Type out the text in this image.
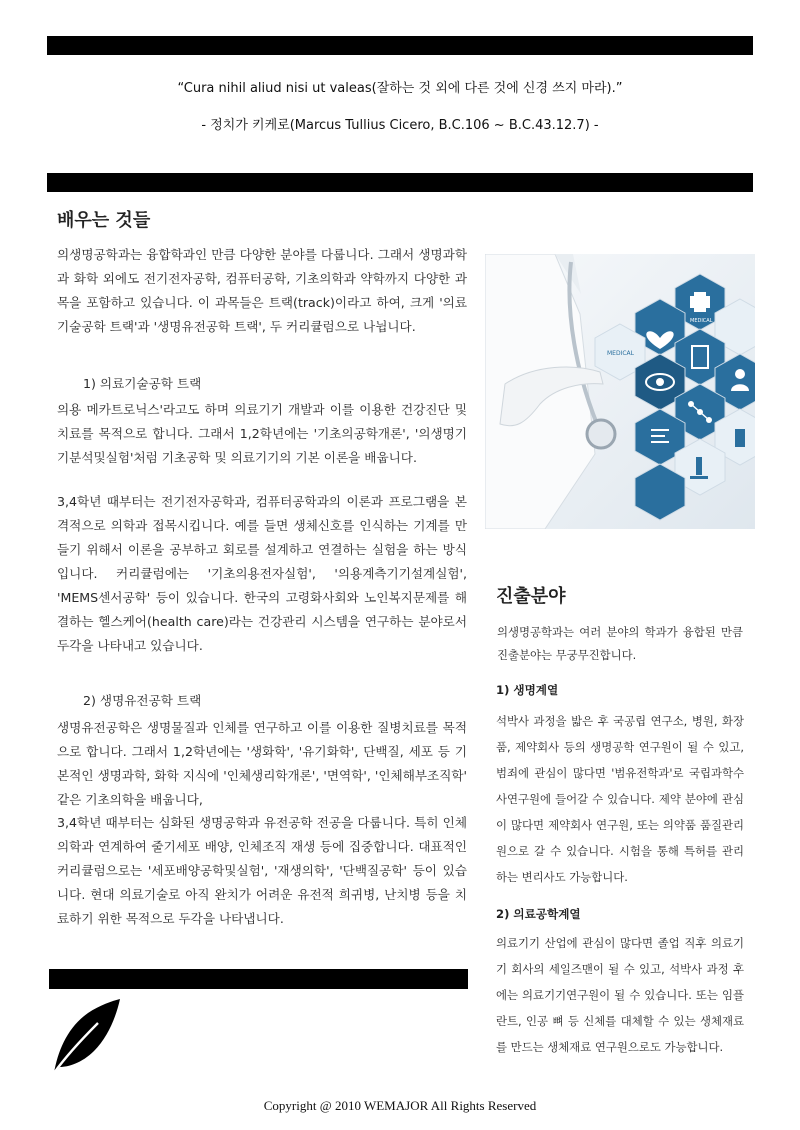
“Cura nihil aliud nisi ut valeas(잘하는 것 외에 다른 것에 신경 쓰지 마라).”
- 정치가 키케로(Marcus Tullius Cicero, B.C.106 ~ B.C.43.12.7) -
배우는 것들

의생명공학과는 융합학과인 만큼 다양한 분야를 다룹니다. 그래서 생명과학과 화학 외에도 전기전자공학, 컴퓨터공학, 기초의학과 약학까지 다양한 과목을 포함하고 있습니다. 이 과목들은 트랙(track)이라고 하여, 크게 '의료기술공학 트랙'과 '생명유전공학 트랙', 두 커리큘럼으로 나뉩니다.

1) 의료기술공학 트랙

의용 메카트로닉스'라고도 하며 의료기기 개발과 이를 이용한 건강진단 및 치료를 목적으로 합니다. 그래서 1,2학년에는 '기초의공학개론', '의생명기기분석및실험'처럼 기초공학 및 의료기기의 기본 이론을 배웁니다.

3,4학년 때부터는 전기전자공학과, 컴퓨터공학과의 이론과 프로그램을 본격적으로 의학과 접목시킵니다. 예를 들면 생체신호를 인식하는 기계를 만들기 위해서 이론을 공부하고 회로를 설계하고 연결하는 실험을 하는 방식입니다. 커리큘럼에는 '기초의용전자실험', '의용계측기기설계실험', 'MEMS센서공학' 등이 있습니다. 한국의 고령화사회와 노인복지문제를 해결하는 헬스케어(health care)라는 건강관리 시스템을 연구하는 분야로서 두각을 나타내고 있습니다.

2) 생명유전공학 트랙

생명유전공학은 생명물질과 인체를 연구하고 이를 이용한 질병치료를 목적으로 합니다. 그래서 1,2학년에는 '생화학', '유기화학', 단백질, 세포 등 기본적인 생명과학, 화학 지식에 '인체생리학개론', '면역학', '인체해부조직학' 같은 기초의학을 배웁니다,

3,4학년 때부터는 심화된 생명공학과 유전공학 전공을 다룹니다. 특히 인체 의학과 연계하여 줄기세포 배양, 인체조직 재생 등에 집중합니다. 대표적인 커리큘럼으로는 '세포배양공학및실험', '재생의학', '단백질공학' 등이 있습니다. 현대 의료기술로 아직 완치가 어려운 유전적 희귀병, 난치병 등을 치료하기 위한 목적으로 두각을 나타냅니다.

MEDICAL
MEDICAL
진출분야

의생명공학과는 여러 분야의 학과가 융합된 만큼 진출분야는 무궁무진합니다.

1) 생명계열

석박사 과정을 밟은 후 국공립 연구소, 병원, 화장품, 제약회사 등의 생명공학 연구원이 될 수 있고, 범죄에 관심이 많다면 '범유전학과'로 국립과학수사연구원에 들어갈 수 있습니다. 제약 분야에 관심이 많다면 제약회사 연구원, 또는 의약품 품질관리원으로 갈 수 있습니다. 시험을 통해 특허를 관리하는 변리사도 가능합니다.

2) 의료공학계열

의료기기 산업에 관심이 많다면 졸업 직후 의료기기 회사의 세일즈맨이 될 수 있고, 석박사 과정 후에는 의료기기연구원이 될 수 있습니다. 또는 임플란트, 인공 뼈 등 신체를 대체할 수 있는 생체재료를 만드는 생체재료 연구원으로도 가능합니다.

Copyright @ 2010 WEMAJOR All Rights Reserved
